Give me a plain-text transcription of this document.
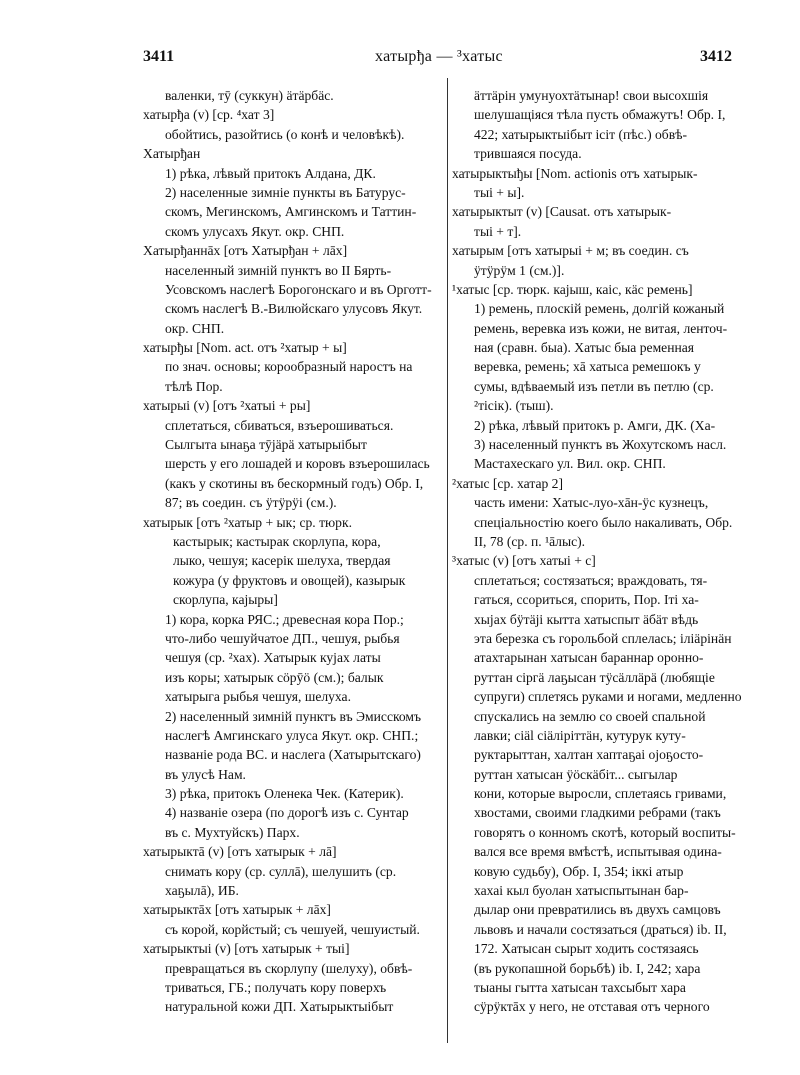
3411	хатырђа — ³хатыс	3412
валенки, тӯ (суккун) ӓтӓрбӓс.
хатырђа (v) [ср. ⁴хат 3]
обойтись, разойтись (о конѣ и человѣкѣ).
Хатырђан
1) рѣка, лѣвый притокъ Алдана, ДК.
2) населенные зимніе пункты въ Батурус-
скомъ, Мегинскомъ, Амгинскомъ и Таттин-
скомъ улусахъ Якут. окр. СНП.
Хатырђаннāх [отъ Хатырђан + лāх]
населенный зимній пунктъ во II Бярть-
Усовскомъ наслегѣ Борогонскаго и въ Орготт-
скомъ наслегѣ В.-Вилюйскаго улусовъ Якут.
окр. СНП.
хатырђы [Nom. act. отъ ²хатыр + ы]
по знач. основы; корообразный наростъ на
тѣлѣ Пор.
хатырыі (v) [отъ ²хатыі + ры]
сплетаться, сбиваться, взъерошиваться.
Сылгыта ынаҕа тӯјӓрӓ хатырыібыт
шерсть у его лошадей и коровъ взъерошилась
(какъ у скотины въ бескормный годъ) Обр. I,
87; въ соедин. съ ӱтӱрӱі (см.).
хатырык [отъ ²хатыр + ык; ср. тюрк.
кастырык; кастырак скорлупа, кора,
лыко, чешуя; касерік шелуха, твердая
кожура (у фруктовъ и овощей), казырык
скорлупа, кајыры]
1) кора, корка РЯС.; древесная кора Пор.;
что-либо чешуйчатое ДП., чешуя, рыбья
чешуя (ср. ²хах). Хатырык кујах латы
изъ коры; хатырык сӧрӯӧ (см.); балык
хатырыга рыбья чешуя, шелуха.
2) населенный зимній пунктъ въ Эмисскомъ
наслегѣ Амгинскаго улуса Якут. окр. СНП.;
названіе рода ВС. и наслега (Хатырытскаго)
въ улусѣ Нам.
3) рѣка, притокъ Оленека Чек. (Катерик).
4) названіе озера (по дорогѣ изъ с. Сунтар
въ с. Мухтуйскъ) Парх.
хатырыктā (v) [отъ хатырык + лā]
снимать кору (ср. суллā), шелушить (ср.
хаҕылā), ИБ.
хатырыктāх [отъ хатырык + лāх]
съ корой, корйстый; съ чешуей, чешуистый.
хатырыктыі (v) [отъ хатырык + тыі]
превращаться въ скорлупу (шелуху), обвѣ-
триваться, ГБ.; получать кору поверхъ
натуральной кожи ДП. Хатырыктыібыт
ӓттӓрін умунуохтӓтынар! свои высохшія
шелушащіяся тѣла пусть обмажутъ! Обр. I,
422; хатырыктыібыт ісіт (пѣс.) обвѣ-
трившаяся посуда.
хатырыктыђы [Nom. actionis отъ хатырык-
тыі + ы].
хатырыктыт (v) [Causat. отъ хатырык-
тыі + т].
хатырым [отъ хатырыі + м; въ соедин. съ
ӱтӱрӱм 1 (см.)].
¹хатыс [ср. тюрк. кајыш, каіс, кӓс ремень]
1) ремень, плоскій ремень, долгій кожаный
ремень, веревка изъ кожи, не витая, ленточ-
ная (сравн. быа). Хатыс быа ременная
веревка, ремень; хā хатыса ремешокъ у
сумы, вдѣваемый изъ петли въ петлю (ср.
²тісік). (тыш).
2) рѣка, лѣвый притокъ р. Амги, ДК. (Ха-
3) населенный пунктъ въ Жохутскомъ насл.
Мастахескаго ул. Вил. окр. СНП.
²хатыс [ср. хатар 2]
часть имени: Хатыс-луо-хāн-ӱс кузнецъ,
спеціальностію коего было накаливать, Обр.
II, 78 (ср. п. ¹āлыс).
³хатыс (v) [отъ хатыі + с]
сплетаться; состязаться; враждовать, тя-
гаться, ссориться, спорить, Пор. Іті ха-
хыјах бӱтӓјі кытта хатыспыт ӓбӓт вѣдь
эта березка съ горольбой сплелась; іліӓрінӓн
атахтарынан хатысан бараннар оронно-
руттан сіргӓ лаҕысан тӱсӓллӓрӓ (любящіе
супруги) сплетясь руками и ногами, медленно
спускались на землю со своей спальной
лавки; сіӓl сіӓліріттӓн, кутурук куту-
руктарыттан, халтан хаптаҕаі ојоҕосто-
руттан хатысан ӱӧскӓбіт... сыгылар
кони, которые выросли, сплетаясь гривами,
хвостами, своими гладкими ребрами (такъ
говорятъ о конномъ скотѣ, который воспиты-
вался все время вмѣстѣ, испытывая одина-
ковую судьбу), Обр. I, 354; іккі атыр
хахаі кыл буолан хатыспытынан бар-
дылар они превратились въ двухъ самцовъ
львовъ и начали состязаться (драться) ib. II,
172. Хатысан сырыт ходить состязаясь
(въ рукопашной борьбѣ) ib. I, 242; хара
тыаны гытта хатысан тахсыбыт хара
сӱрӱктāх у него, не отставая отъ черного
